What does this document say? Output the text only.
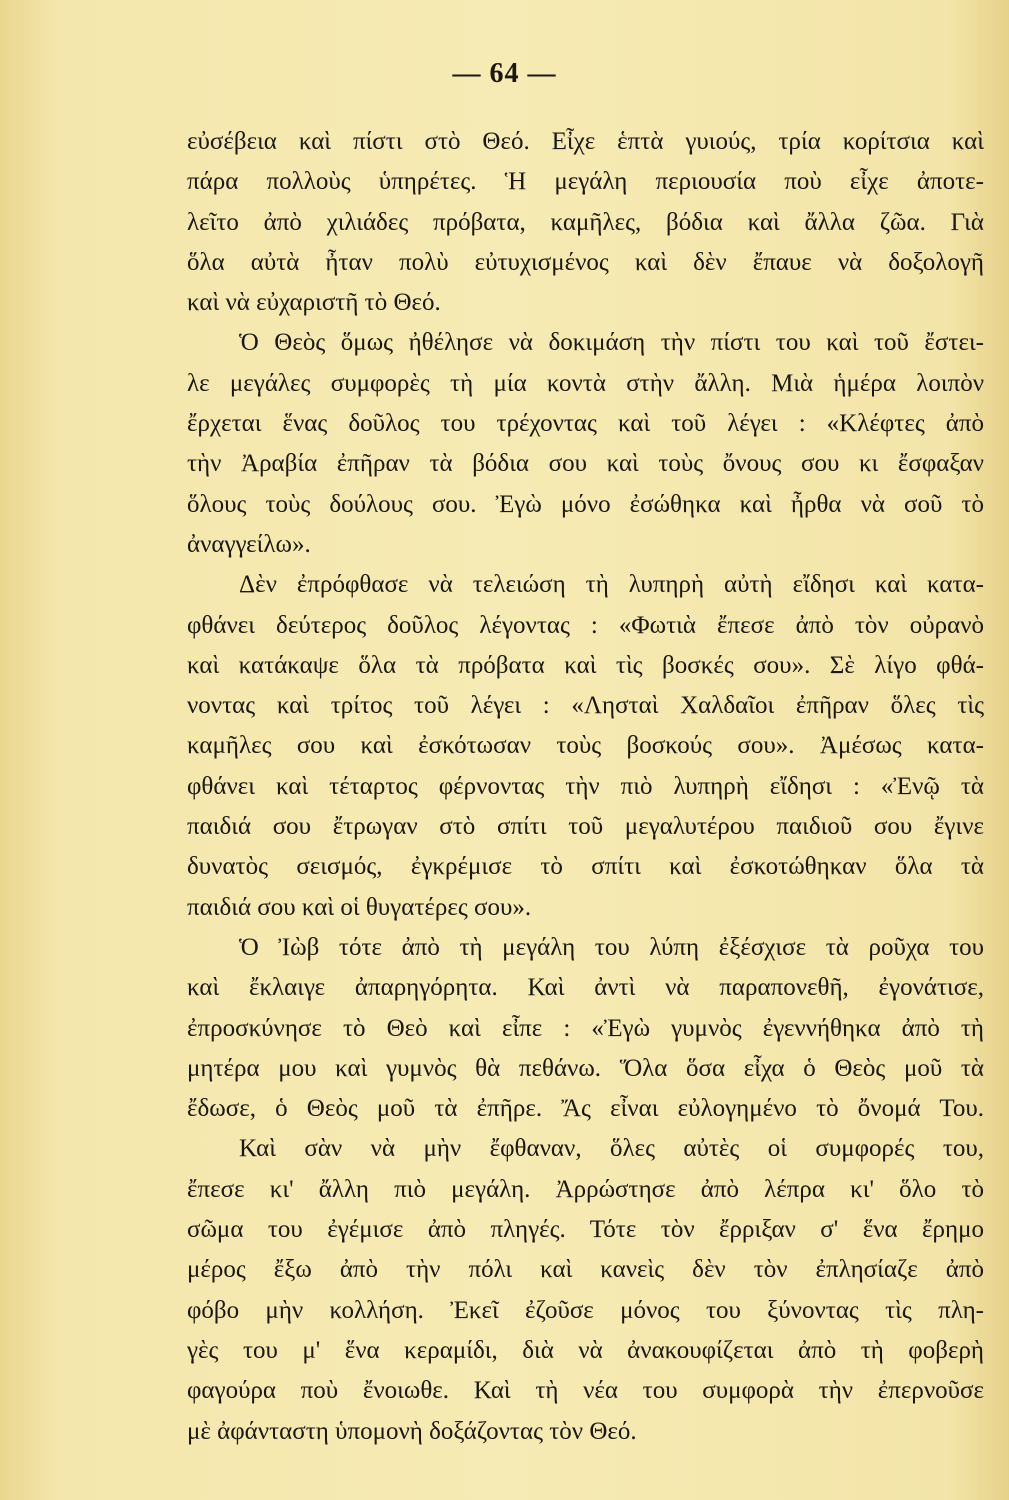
— 64 —
εὐσέβεια καὶ πίστι στὸ Θεό. Εἶχε ἑπτὰ γυιούς, τρία κορίτσια καὶ
πάρα πολλοὺς ὑπηρέτες. Ἡ μεγάλη περιουσία ποὺ εἶχε ἀποτε-
λεῖτο ἀπὸ χιλιάδες πρόβατα, καμῆλες, βόδια καὶ ἄλλα ζῶα. Γιὰ
ὅλα αὐτὰ ἦταν πολὺ εὐτυχισμένος καὶ δὲν ἔπαυε νὰ δοξολογῆ
καὶ νὰ εὐχαριστῆ τὸ Θεό.
Ὁ Θεὸς ὅμως ἠθέλησε νὰ δοκιμάση τὴν πίστι του καὶ τοῦ ἔστει-
λε μεγάλες συμφορὲς τὴ μία κοντὰ στὴν ἄλλη. Μιὰ ἡμέρα λοιπὸν
ἔρχεται ἕνας δοῦλος του τρέχοντας καὶ τοῦ λέγει : «Κλέφτες ἀπὸ
τὴν Ἀραβία ἐπῆραν τὰ βόδια σου καὶ τοὺς ὄνους σου κι ἔσφαξαν
ὅλους τοὺς δούλους σου. Ἐγὼ μόνο ἐσώθηκα καὶ ἦρθα νὰ σοῦ τὸ
ἀναγγείλω».
Δὲν ἐπρόφθασε νὰ τελειώση τὴ λυπηρὴ αὐτὴ εἴδησι καὶ κατα-
φθάνει δεύτερος δοῦλος λέγοντας : «Φωτιὰ ἔπεσε ἀπὸ τὸν οὐρανὸ
καὶ κατάκαψε ὅλα τὰ πρόβατα καὶ τὶς βοσκές σου». Σὲ λίγο φθά-
νοντας καὶ τρίτος τοῦ λέγει : «Λησταὶ Χαλδαῖοι ἐπῆραν ὅλες τὶς
καμῆλες σου καὶ ἐσκότωσαν τοὺς βοσκούς σου». Ἀμέσως κατα-
φθάνει καὶ τέταρτος φέρνοντας τὴν πιὸ λυπηρὴ εἴδησι : «Ἐνῷ τὰ
παιδιά σου ἔτρωγαν στὸ σπίτι τοῦ μεγαλυτέρου παιδιοῦ σου ἔγινε
δυνατὸς σεισμός, ἐγκρέμισε τὸ σπίτι καὶ ἐσκοτώθηκαν ὅλα τὰ
παιδιά σου καὶ οἱ θυγατέρες σου».
Ὁ Ἰὼβ τότε ἀπὸ τὴ μεγάλη του λύπη ἐξέσχισε τὰ ροῦχα του
καὶ ἔκλαιγε ἀπαρηγόρητα. Καὶ ἀντὶ νὰ παραπονεθῆ, ἐγονάτισε,
ἐπροσκύνησε τὸ Θεὸ καὶ εἶπε : «Ἐγὼ γυμνὸς ἐγεννήθηκα ἀπὸ τὴ
μητέρα μου καὶ γυμνὸς θὰ πεθάνω. Ὅλα ὅσα εἶχα ὁ Θεὸς μοῦ τὰ
ἔδωσε, ὁ Θεὸς μοῦ τὰ ἐπῆρε. Ἄς εἶναι εὐλογημένο τὸ ὄνομά Του.
Καὶ σὰν νὰ μὴν ἔφθαναν, ὅλες αὐτὲς οἱ συμφορές του,
ἔπεσε κι' ἄλλη πιὸ μεγάλη. Ἀρρώστησε ἀπὸ λέπρα κι' ὅλο τὸ
σῶμα του ἐγέμισε ἀπὸ πληγές. Τότε τὸν ἔρριξαν σ' ἕνα ἔρημο
μέρος ἔξω ἀπὸ τὴν πόλι καὶ κανεὶς δὲν τὸν ἐπλησίαζε ἀπὸ
φόβο μὴν κολλήση. Ἐκεῖ ἐζοῦσε μόνος του ξύνοντας τὶς πλη-
γὲς του μ' ἕνα κεραμίδι, διὰ νὰ ἀνακουφίζεται ἀπὸ τὴ φοβερὴ
φαγούρα ποὺ ἔνοιωθε. Καὶ τὴ νέα του συμφορὰ τὴν ἐπερνοῦσε
μὲ ἀφάνταστη ὑπομονὴ δοξάζοντας τὸν Θεό.
